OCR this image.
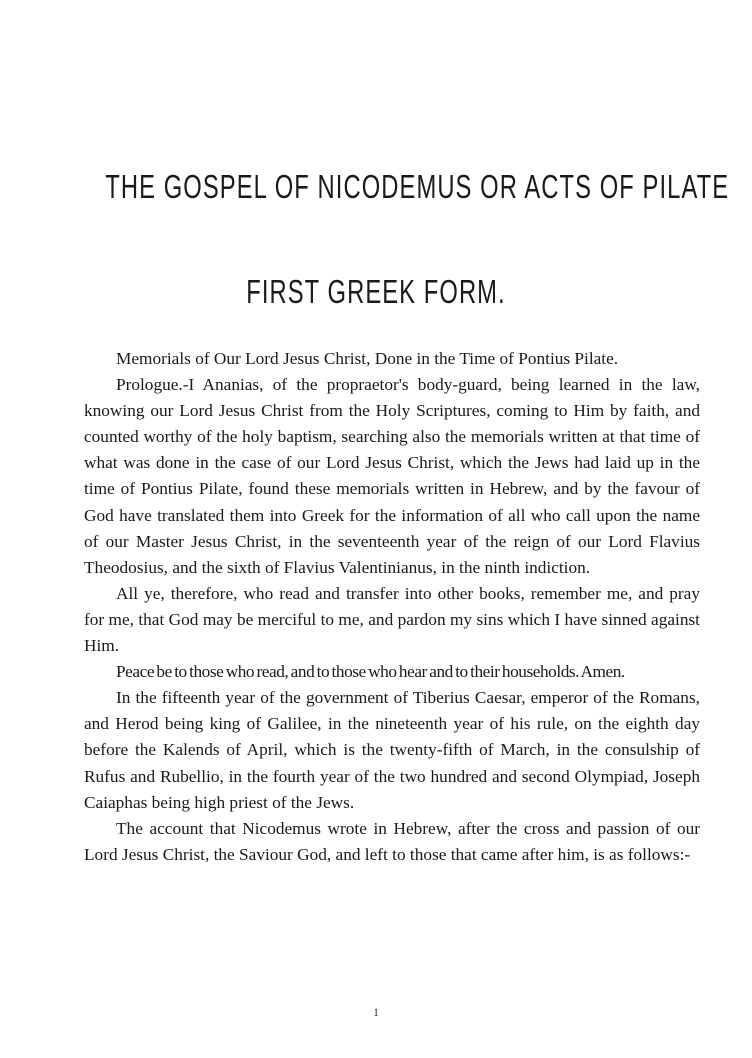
THE GOSPEL OF NICODEMUS OR ACTS OF PILATE
FIRST GREEK FORM.

Memorials of Our Lord Jesus Christ, Done in the Time of Pontius Pilate.

Prologue.-I Ananias, of the propraetor's body-guard, being learned in the law, knowing our Lord Jesus Christ from the Holy Scriptures, coming to Him by faith, and counted worthy of the holy baptism, searching also the memorials written at that time of what was done in the case of our Lord Jesus Christ, which the Jews had laid up in the time of Pontius Pilate, found these memorials written in Hebrew, and by the favour of God have translated them into Greek for the information of all who call upon the name of our Master Jesus Christ, in the seventeenth year of the reign of our Lord Flavius Theodosius, and the sixth of Flavius Valentinianus, in the ninth indiction.

All ye, therefore, who read and transfer into other books, remember me, and pray for me, that God may be merciful to me, and pardon my sins which I have sinned against Him.

Peace be to those who read, and to those who hear and to their households. Amen.

In the fifteenth year of the government of Tiberius Caesar, emperor of the Romans, and Herod being king of Galilee, in the nineteenth year of his rule, on the eighth day before the Kalends of April, which is the twenty-fifth of March, in the consulship of Rufus and Rubellio, in the fourth year of the two hundred and second Olympiad, Joseph Caiaphas being high priest of the Jews.

The account that Nicodemus wrote in Hebrew, after the cross and passion of our Lord Jesus Christ, the Saviour God, and left to those that came after him, is as follows:-

1
